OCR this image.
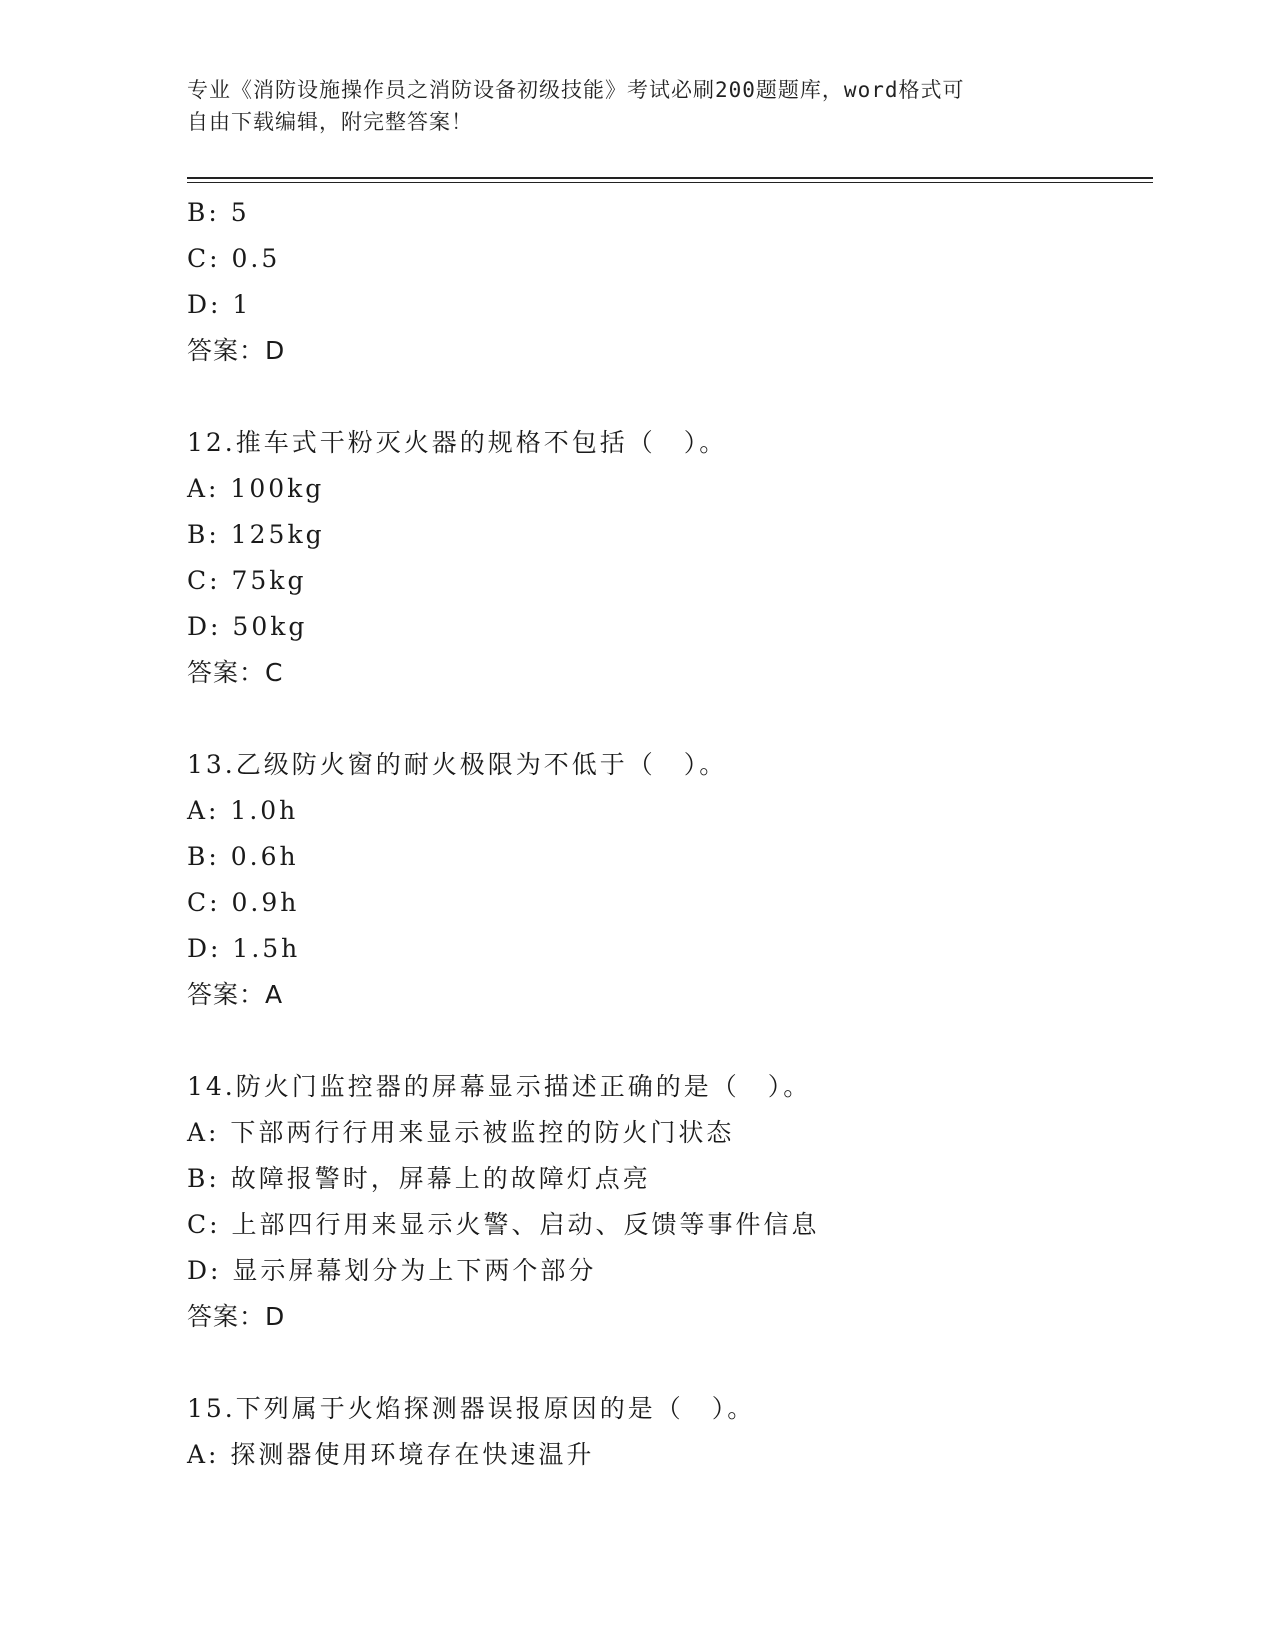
专业《消防设施操作员之消防设备初级技能》考试必刷200题题库，word格式可
自由下载编辑，附完整答案！
B: 5
C: 0.5
D: 1
答案：D
12.推车式干粉灭火器的规格不包括（　）。
A: 100kg
B: 125kg
C: 75kg
D: 50kg
答案：C
13.乙级防火窗的耐火极限为不低于（　）。
A: 1.0h
B: 0.6h
C: 0.9h
D: 1.5h
答案：A
14.防火门监控器的屏幕显示描述正确的是（　）。
A: 下部两行行用来显示被监控的防火门状态
B: 故障报警时，屏幕上的故障灯点亮
C: 上部四行用来显示火警、启动、反馈等事件信息
D: 显示屏幕划分为上下两个部分
答案：D
15.下列属于火焰探测器误报原因的是（　）。
A: 探测器使用环境存在快速温升
